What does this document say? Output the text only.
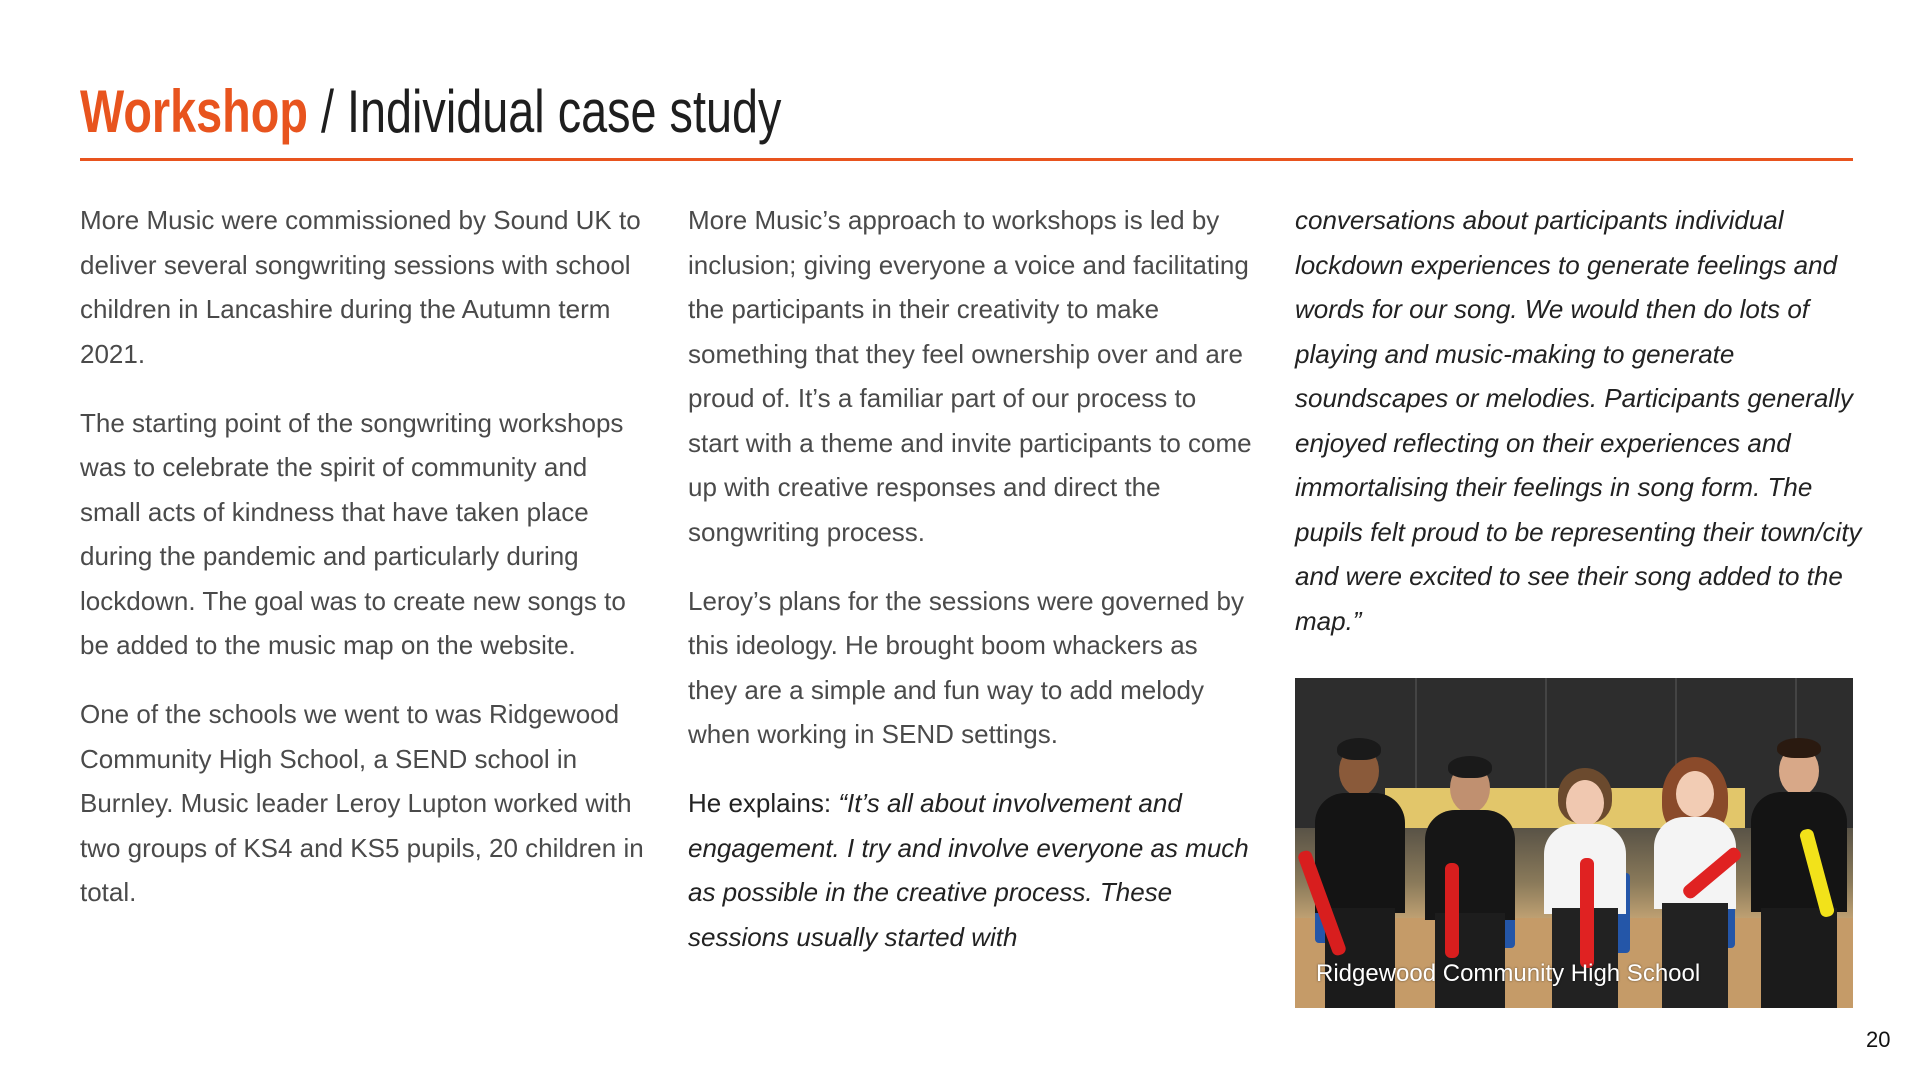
Workshop / Individual case study

More Music were commissioned by Sound UK to deliver several songwriting sessions with school children in Lancashire during the Autumn term 2021.

The starting point of the songwriting workshops was to celebrate the spirit of community and small acts of kindness that have taken place during the pandemic and particularly during lockdown. The goal was to create new songs to be added to the music map on the website.

One of the schools we went to was Ridgewood Community High School, a SEND school in Burnley. Music leader Leroy Lupton worked with two groups of KS4 and KS5 pupils, 20 children in total.

More Music’s approach to workshops is led by inclusion; giving everyone a voice and facilitating the participants in their creativity to make something that they feel ownership over and are proud of. It’s a familiar part of our process to start with a theme and invite participants to come up with creative responses and direct the songwriting process.

Leroy’s plans for the sessions were governed by this ideology. He brought boom whackers as they are a simple and fun way to add melody when working in SEND settings.

He explains: “It’s all about involvement and engagement. I try and involve everyone as much as possible in the creative process. These sessions usually started with

conversations about participants individual lockdown experiences to generate feelings and words for our song. We would then do lots of playing and music-making to generate soundscapes or melodies. Participants generally enjoyed reflecting on their experiences and immortalising their feelings in song form. The pupils felt proud to be representing their town/city and were excited to see their song added to the map.”

Ridgewood Community High School
20
